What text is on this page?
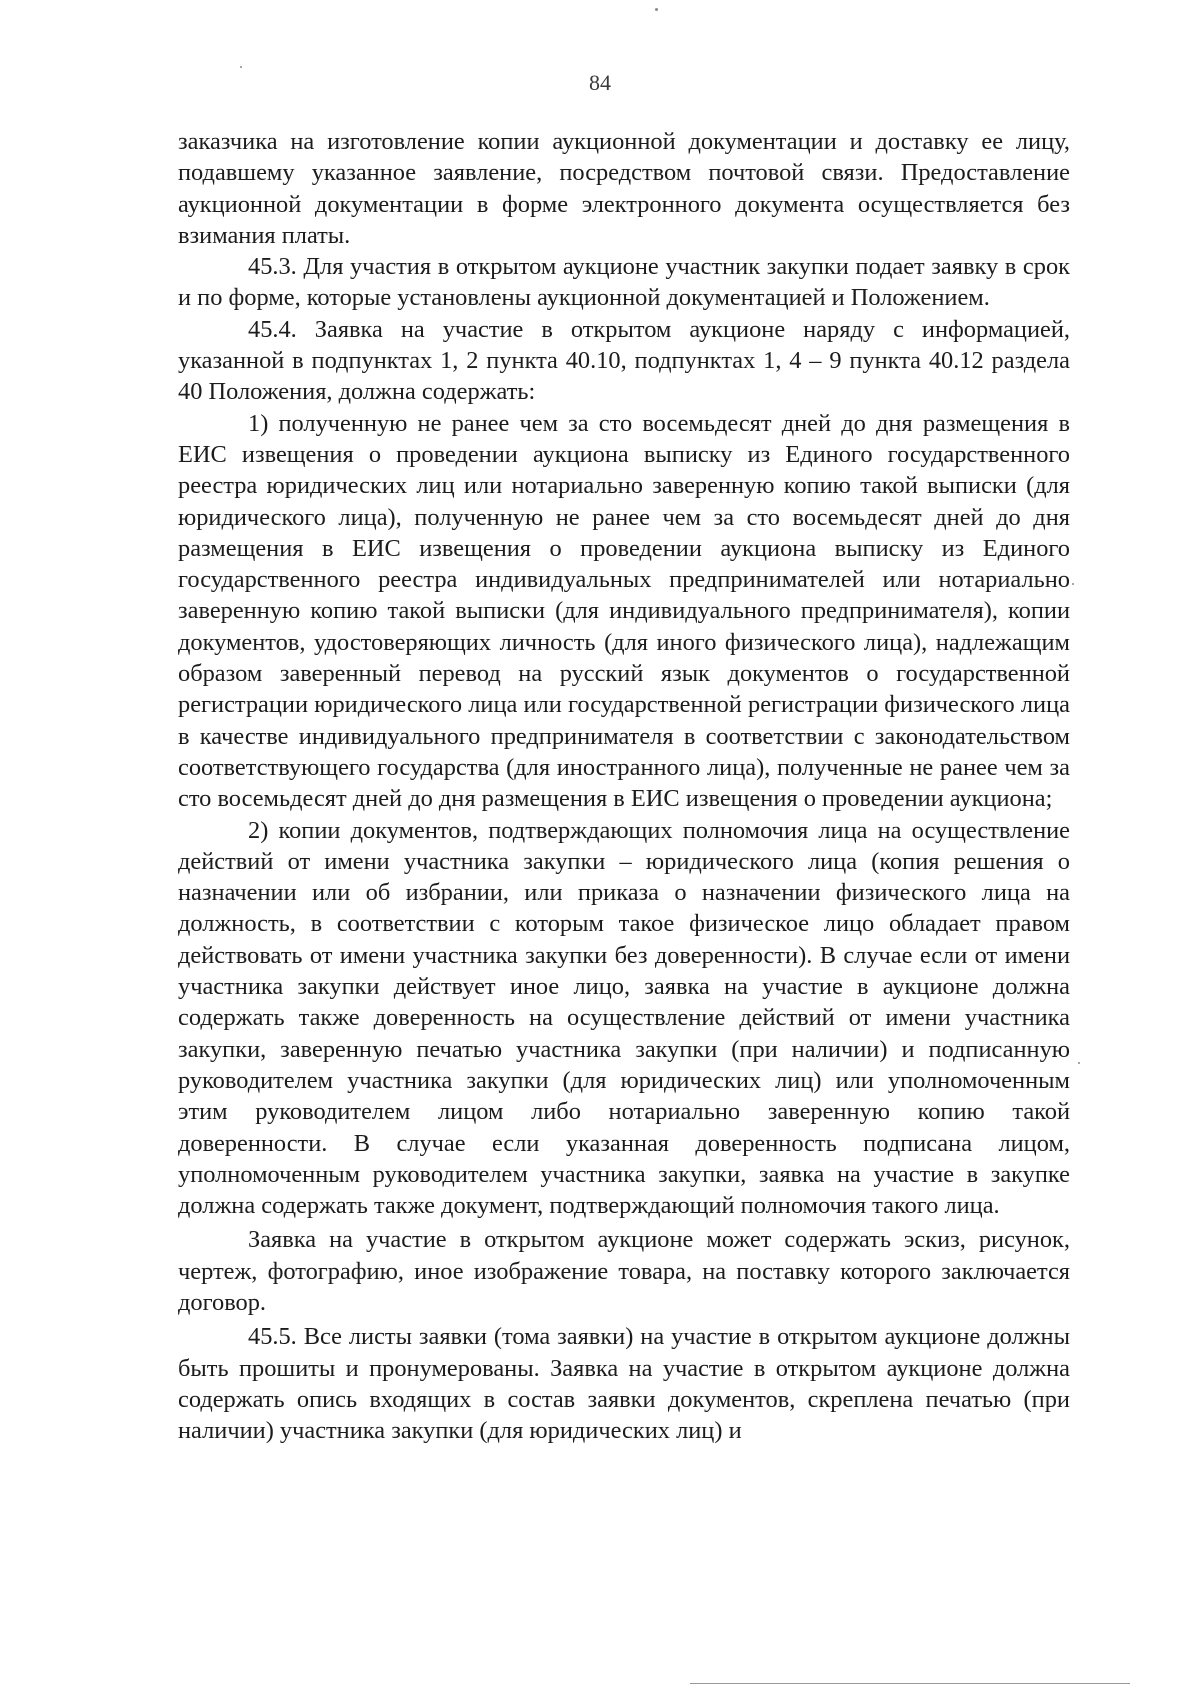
84

заказчика на изготовление копии аукционной документации и доставку ее лицу, подавшему указанное заявление, посредством почтовой связи. Предоставление аукционной документации в форме электронного документа осуществляется без взимания платы.

45.3. Для участия в открытом аукционе участник закупки подает заявку в срок и по форме, которые установлены аукционной документацией и Положением.

45.4. Заявка на участие в открытом аукционе наряду с информацией, указанной в подпунктах 1, 2 пункта 40.10, подпунктах 1, 4 – 9 пункта 40.12 раздела 40 Положения, должна содержать:

1) полученную не ранее чем за сто восемьдесят дней до дня размещения в ЕИС извещения о проведении аукциона выписку из Единого государственного реестра юридических лиц или нотариально заверенную копию такой выписки (для юридического лица), полученную не ранее чем за сто восемьдесят дней до дня размещения в ЕИС извещения о проведении аукциона выписку из Единого государственного реестра индивидуальных предпринимателей или нотариально заверенную копию такой выписки (для индивидуального предпринимателя), копии документов, удостоверяющих личность (для иного физического лица), надлежащим образом заверенный перевод на русский язык документов о государственной регистрации юридического лица или государственной регистрации физического лица в качестве индивидуального предпринимателя в соответствии с законодательством соответствующего государства (для иностранного лица), полученные не ранее чем за сто восемьдесят дней до дня размещения в ЕИС извещения о проведении аукциона;

2) копии документов, подтверждающих полномочия лица на осуществление действий от имени участника закупки – юридического лица (копия решения о назначении или об избрании, или приказа о назначении физического лица на должность, в соответствии с которым такое физическое лицо обладает правом действовать от имени участника закупки без доверенности). В случае если от имени участника закупки действует иное лицо, заявка на участие в аукционе должна содержать также доверенность на осуществление действий от имени участника закупки, заверенную печатью участника закупки (при наличии) и подписанную руководителем участника закупки (для юридических лиц) или уполномоченным этим руководителем лицом либо нотариально заверенную копию такой доверенности. В случае если указанная доверенность подписана лицом, уполномоченным руководителем участника закупки, заявка на участие в закупке должна содержать также документ, подтверждающий полномочия такого лица.

Заявка на участие в открытом аукционе может содержать эскиз, рисунок, чертеж, фотографию, иное изображение товара, на поставку которого заключается договор.

45.5. Все листы заявки (тома заявки) на участие в открытом аукционе должны быть прошиты и пронумерованы. Заявка на участие в открытом аукционе должна содержать опись входящих в состав заявки документов, скреплена печатью (при наличии) участника закупки (для юридических лиц) и
